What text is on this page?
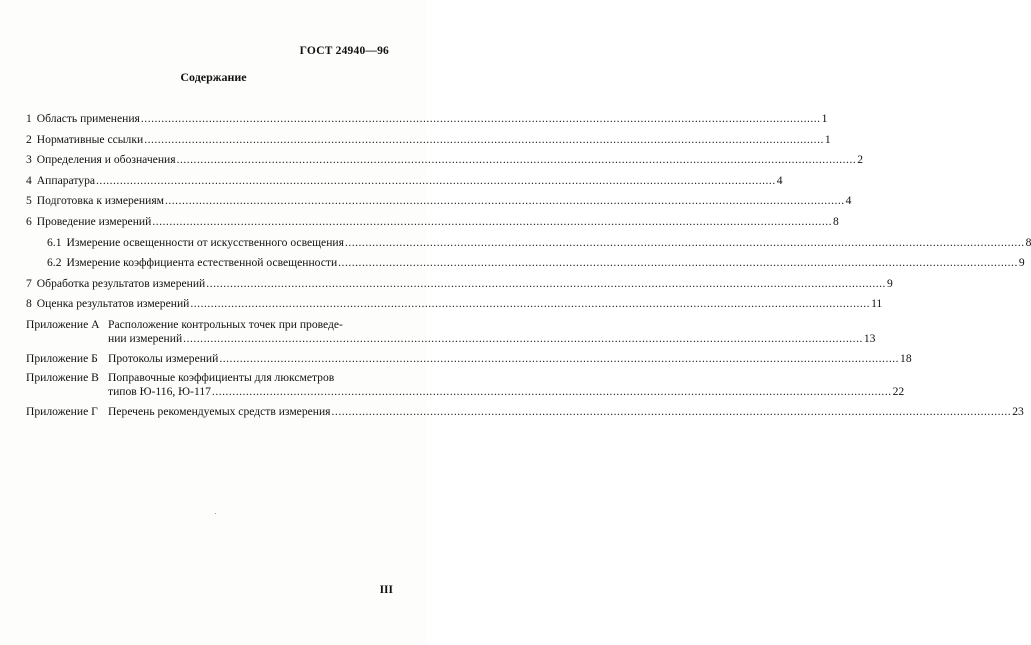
ГОСТ 24940—96
Содержание
1 Область применения .....	1
2 Нормативные ссылки .....	1
3 Определения и обозначения .....	2
4 Аппаратура .....	4
5 Подготовка к измерениям .....	4
6 Проведение измерений .....	8
6.1 Измерение освещенности от искусственного освещения .....	8
6.2 Измерение коэффициента естественной освещенности .....	9
7 Обработка результатов измерений .....	9
8 Оценка результатов измерений .....	11
Приложение А Расположение контрольных точек при проведе-
нии измерений .....	13
Приложение Б Протоколы измерений .....	18
Приложение В Поправочные коэффициенты для люксметров
типов Ю-116, Ю-117 .....	22
Приложение Г Перечень рекомендуемых средств измерения .....	23
III
